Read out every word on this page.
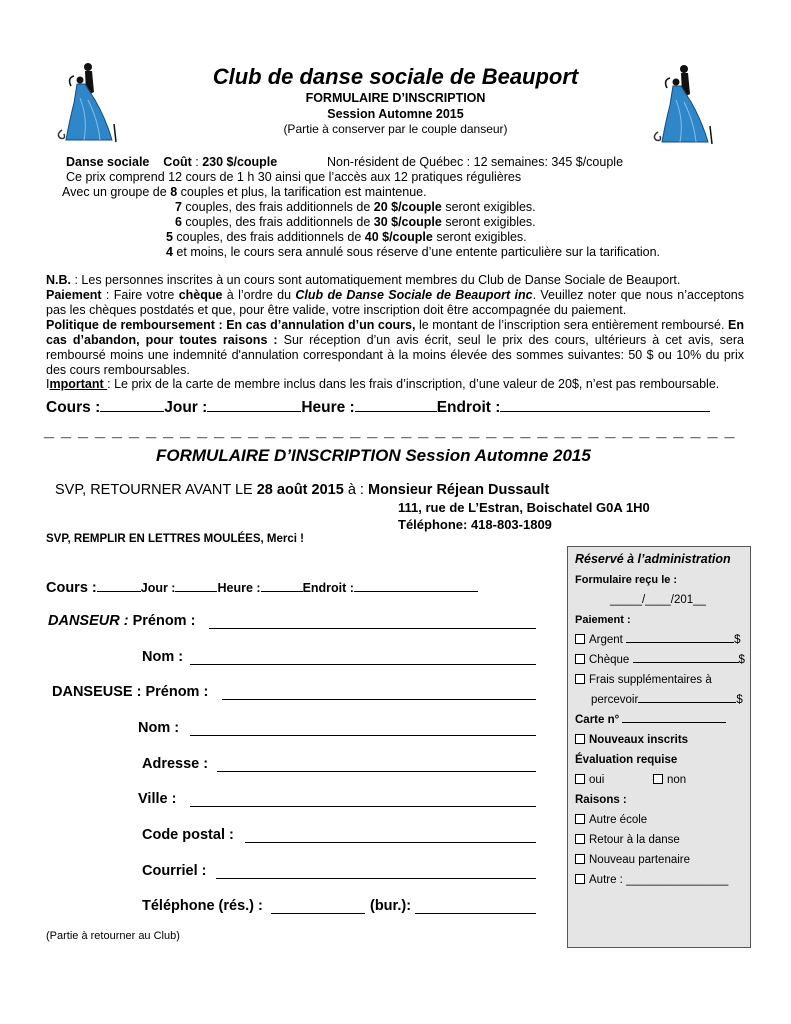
Club de danse sociale de Beauport
FORMULAIRE D’INSCRIPTION
Session Automne 2015
(Partie à conserver par le couple danseur)
Danse sociale Coût : 230 $/couple	Non-résident de Québec : 12 semaines: 345 $/couple
Ce prix comprend 12 cours de 1 h 30 ainsi que l’accès aux 12 pratiques régulières
Avec un groupe de 8 couples et plus, la tarification est maintenue.
7 couples, des frais additionnels de 20 $/couple seront exigibles.
6 couples, des frais additionnels de 30 $/couple seront exigibles.
5 couples, des frais additionnels de 40 $/couple seront exigibles.
4 et moins, le cours sera annulé sous réserve d’une entente particulière sur la tarification.
N.B. : Les personnes inscrites à un cours sont automatiquement membres du Club de Danse Sociale de Beauport.
Paiement : Faire votre chèque à l’ordre du Club de Danse Sociale de Beauport inc. Veuillez noter que nous n’acceptons pas les chèques postdatés et que, pour être valide, votre inscription doit être accompagnée du paiement.
Politique de remboursement : En cas d’annulation d’un cours, le montant de l’inscription sera entièrement remboursé. En cas d’abandon, pour toutes raisons : Sur réception d’un avis écrit, seul le prix des cours, ultérieurs à cet avis, sera remboursé moins une indemnité d'annulation correspondant à la moins élevée des sommes suivantes: 50 $ ou 10% du prix des cours remboursables.
Important : Le prix de la carte de membre inclus dans les frais d’inscription, d’une valeur de 20$, n’est pas remboursable.
Cours :	Jour :	Heure :	Endroit :
_ _ _ _ _ _ _ _ _ _ _ _ _ _ _ _ _ _ _ _ _ _ _ _ _ _ _ _ _ _ _ _ _ _ _ _ _ _ _ _ _
FORMULAIRE D’INSCRIPTION Session Automne 2015
SVP, RETOURNER AVANT LE 28 août 2015 à : Monsieur Réjean Dussault
111, rue de L’Estran, Boischatel G0A 1H0
Téléphone: 418-803-1809
SVP, REMPLIR EN LETTRES MOULÉES, Merci !
Cours :	Jour :	Heure :	Endroit :
DANSEUR : Prénom :
Nom :
DANSEUSE : Prénom :
Nom :
Adresse :
Ville :
Code postal :
Courriel :
Téléphone (rés.) :	(bur.):
(Partie à retourner au Club)
Réservé à l’administration
Formulaire reçu le :
_____/____/201__
Paiement :
Argent	$
Chèque	$
Frais supplémentaires à
percevoir	$
Carte n°
Nouveaux inscrits
Évaluation requise
oui	non
Raisons :
Autre école
Retour à la danse
Nouveau partenaire
Autre : ________________
